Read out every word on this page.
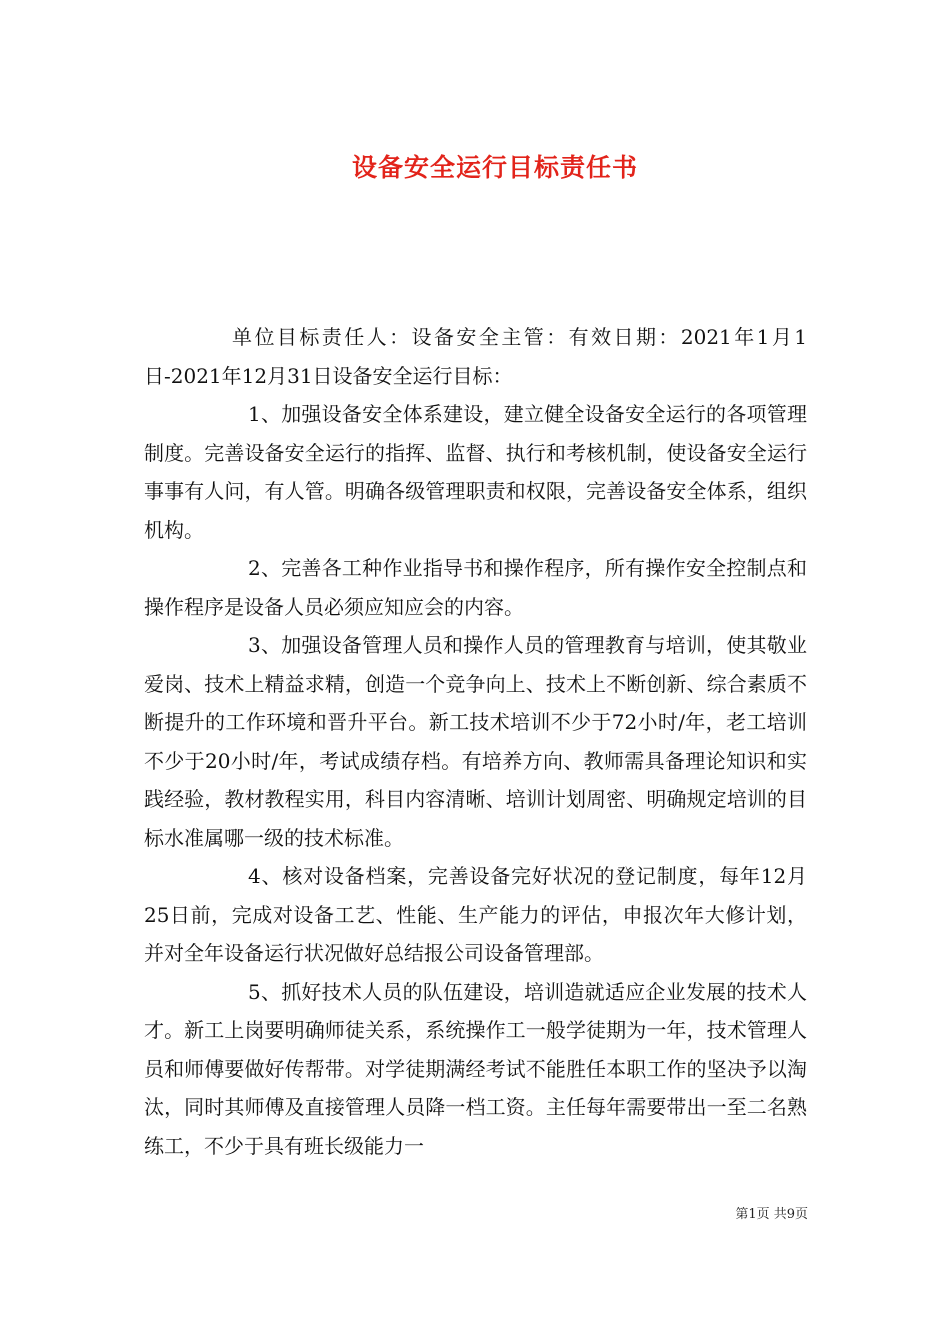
设备安全运行目标责任书

单位目标责任人：设备安全主管：有效日期：2021年1月1日-2021年12月31日设备安全运行目标：

1、加强设备安全体系建设，建立健全设备安全运行的各项管理制度。完善设备安全运行的指挥、监督、执行和考核机制，使设备安全运行事事有人问，有人管。明确各级管理职责和权限，完善设备安全体系，组织机构。

2、完善各工种作业指导书和操作程序，所有操作安全控制点和操作程序是设备人员必须应知应会的内容。

3、加强设备管理人员和操作人员的管理教育与培训，使其敬业爱岗、技术上精益求精，创造一个竞争向上、技术上不断创新、综合素质不断提升的工作环境和晋升平台。新工技术培训不少于72小时/年，老工培训不少于20小时/年，考试成绩存档。有培养方向、教师需具备理论知识和实践经验，教材教程实用，科目内容清晰、培训计划周密、明确规定培训的目标水准属哪一级的技术标准。

4、核对设备档案，完善设备完好状况的登记制度，每年12月25日前，完成对设备工艺、性能、生产能力的评估，申报次年大修计划，并对全年设备运行状况做好总结报公司设备管理部。

5、抓好技术人员的队伍建设，培训造就适应企业发展的技术人才。新工上岗要明确师徒关系，系统操作工一般学徒期为一年，技术管理人员和师傅要做好传帮带。对学徒期满经考试不能胜任本职工作的坚决予以淘汰，同时其师傅及直接管理人员降一档工资。主任每年需要带出一至二名熟练工，不少于具有班长级能力一

第1页 共9页
